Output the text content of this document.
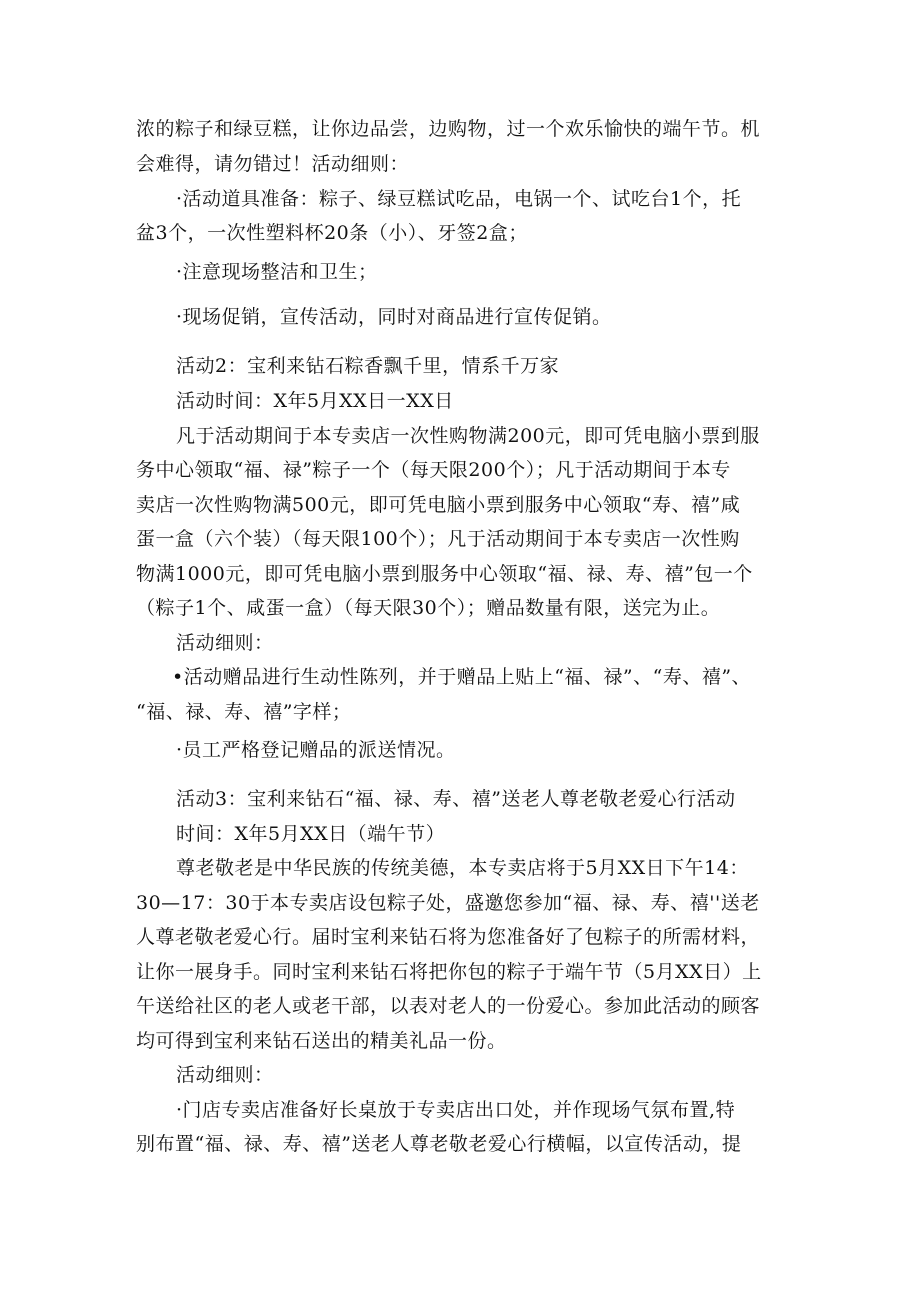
浓的粽子和绿豆糕，让你边品尝，边购物，过一个欢乐愉快的端午节。机

会难得，请勿错过！活动细则：

·活动道具准备：粽子、绿豆糕试吃品，电锅一个、试吃台1个，托

盆3个，一次性塑料杯20条（小）、牙签2盒；

·注意现场整洁和卫生；

·现场促销，宣传活动，同时对商品进行宣传促销。

活动2：宝利来钻石粽香飘千里，情系千万家

活动时间：X年5月XX日一XX日

凡于活动期间于本专卖店一次性购物满200元，即可凭电脑小票到服

务中心领取“福、禄”粽子一个（每天限200个）；凡于活动期间于本专

卖店一次性购物满500元，即可凭电脑小票到服务中心领取“寿、禧”咸

蛋一盒（六个装）（每天限100个）；凡于活动期间于本专卖店一次性购

物满1000元，即可凭电脑小票到服务中心领取“福、禄、寿、禧”包一个

（粽子1个、咸蛋一盒）（每天限30个）；赠品数量有限，送完为止。

活动细则：

•活动赠品进行生动性陈列，并于赠品上贴上“福、禄”、“寿、禧”、

“福、禄、寿、禧”字样；

·员工严格登记赠品的派送情况。

活动3：宝利来钻石“福、禄、寿、禧”送老人尊老敬老爱心行活动

时间：X年5月XX日（端午节）

尊老敬老是中华民族的传统美德，本专卖店将于5月XX日下午14：

30—17：30于本专卖店设包粽子处，盛邀您参加“福、禄、寿、禧''送老

人尊老敬老爱心行。届时宝利来钻石将为您准备好了包粽子的所需材料，

让你一展身手。同时宝利来钻石将把你包的粽子于端午节（5月XX日）上

午送给社区的老人或老干部，以表对老人的一份爱心。参加此活动的顾客

均可得到宝利来钻石送出的精美礼品一份。

活动细则：

·门店专卖店准备好长桌放于专卖店出口处，并作现场气氛布置,特

别布置“福、禄、寿、禧”送老人尊老敬老爱心行横幅，以宣传活动，提
